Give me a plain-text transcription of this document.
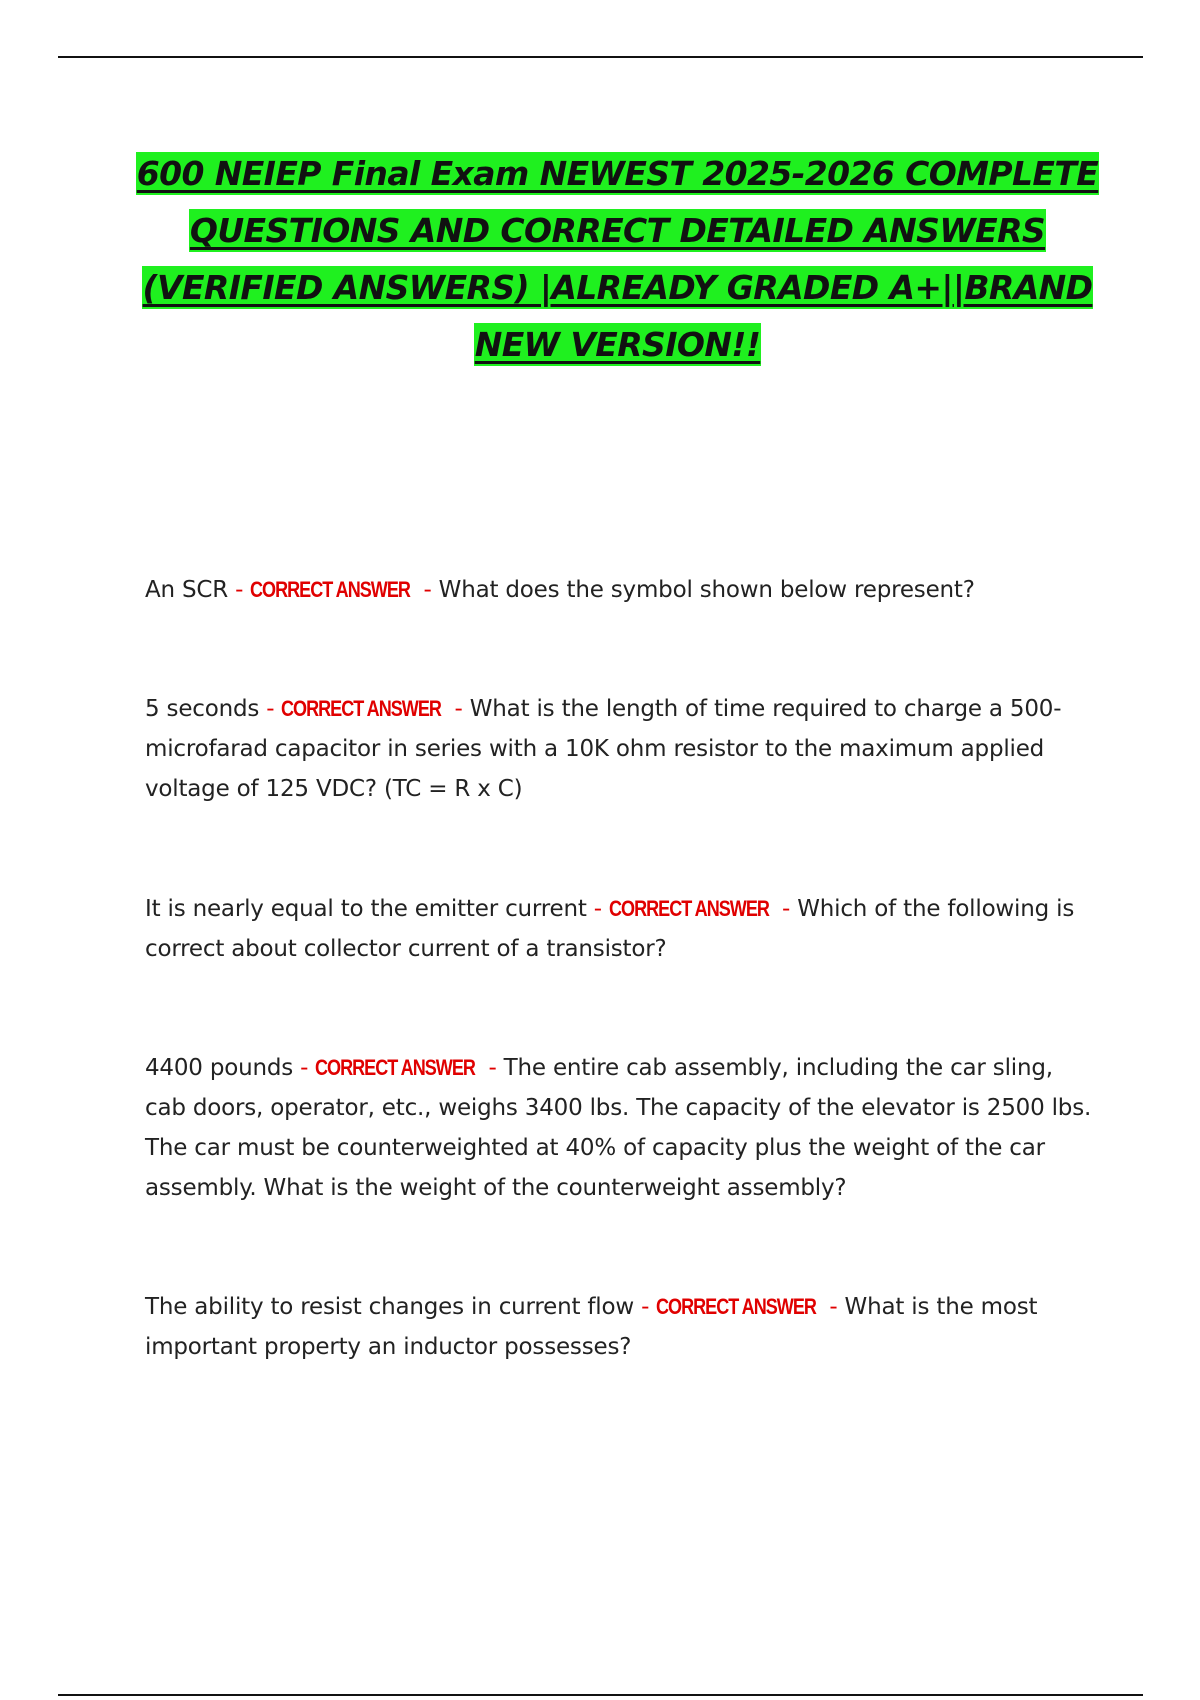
600 NEIEP Final Exam NEWEST 2025-2026 COMPLETE QUESTIONS AND CORRECT DETAILED ANSWERS (VERIFIED ANSWERS) |ALREADY GRADED A+||BRAND NEW VERSION!!

An SCR - CORRECT ANSWER - What does the symbol shown below represent?

5 seconds - CORRECT ANSWER - What is the length of time required to charge a 500-microfarad capacitor in series with a 10K ohm resistor to the maximum applied voltage of 125 VDC? (TC = R x C)

It is nearly equal to the emitter current - CORRECT ANSWER - Which of the following is correct about collector current of a transistor?

4400 pounds - CORRECT ANSWER - The entire cab assembly, including the car sling, cab doors, operator, etc., weighs 3400 lbs. The capacity of the elevator is 2500 lbs. The car must be counterweighted at 40% of capacity plus the weight of the car assembly. What is the weight of the counterweight assembly?

The ability to resist changes in current flow - CORRECT ANSWER - What is the most important property an inductor possesses?
